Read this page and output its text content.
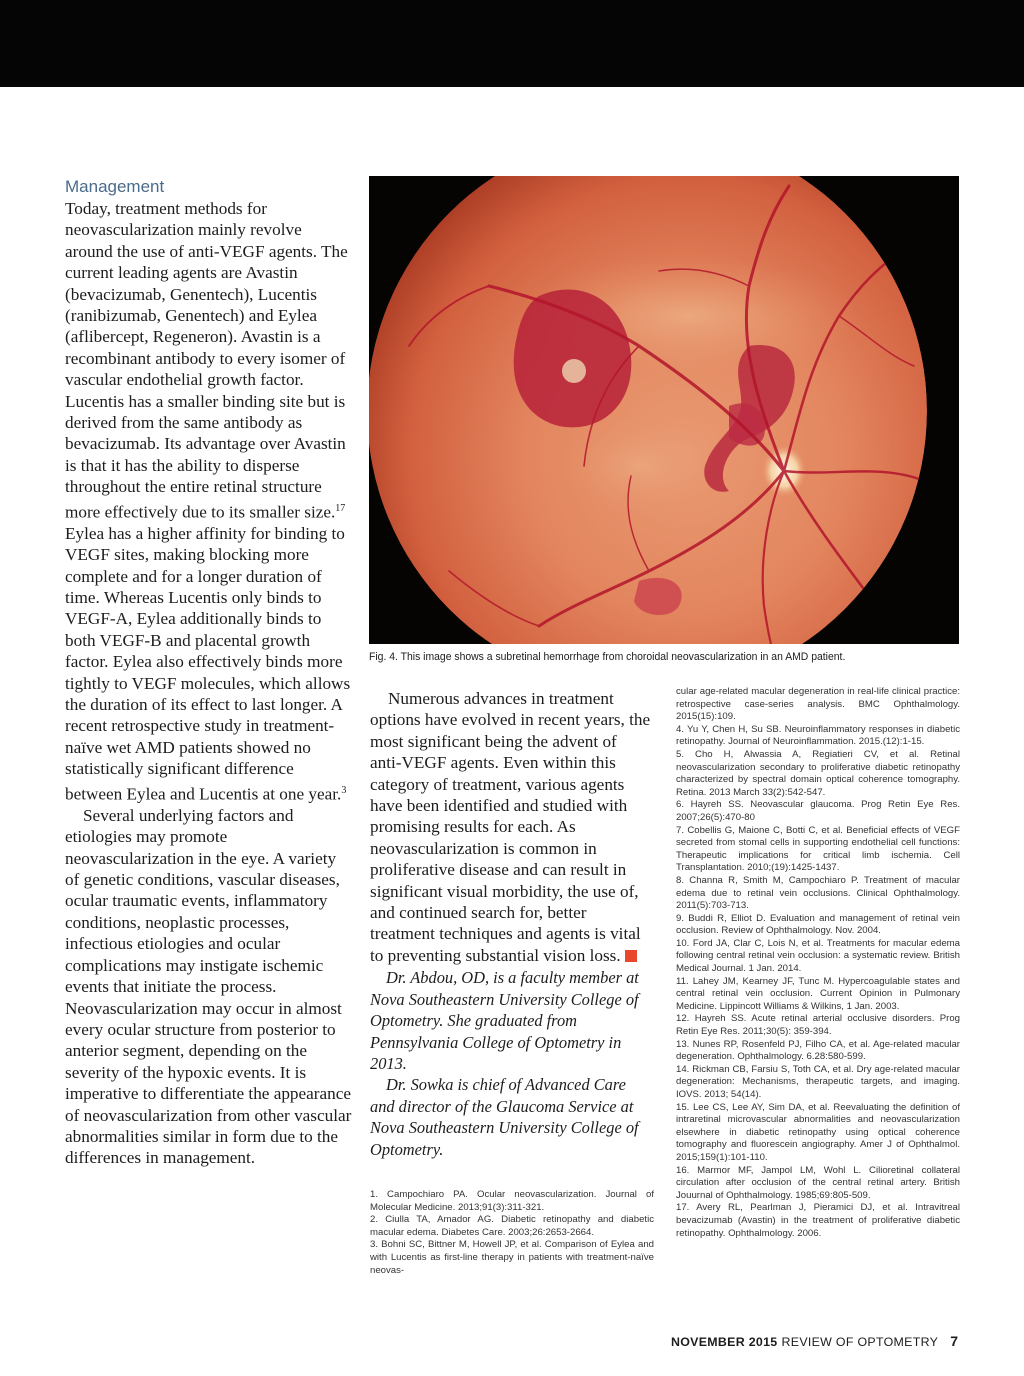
Management

Today, treatment methods for neovascularization mainly revolve around the use of anti-VEGF agents. The current leading agents are Avastin (bevacizumab, Genentech), Lucentis (ranibizumab, Genentech) and Eylea (aflibercept, Regeneron). Avastin is a recombinant antibody to every isomer of vascular endothelial growth factor. Lucentis has a smaller binding site but is derived from the same antibody as bevacizumab. Its advantage over Avastin is that it has the ability to disperse throughout the entire retinal structure more effectively due to its smaller size.$^{17}$ Eylea has a higher affinity for binding to VEGF sites, making blocking more complete and for a longer duration of time. Whereas Lucentis only binds to VEGF-A, Eylea additionally binds to both VEGF-B and placental growth factor. Eylea also effectively binds more tightly to VEGF molecules, which allows the duration of its effect to last longer. A recent retrospective study in treatment-naïve wet AMD patients showed no statistically significant difference between Eylea and Lucentis at one year.$^3$

Several underlying factors and etiologies may promote neovascularization in the eye. A variety of genetic conditions, vascular diseases, ocular traumatic events, inflammatory conditions, neoplastic processes, infectious etiologies and ocular complications may instigate ischemic events that initiate the process. Neovascularization may occur in almost every ocular structure from posterior to anterior segment, depending on the severity of the hypoxic events. It is imperative to differentiate the appearance of neovascularization from other vascular abnormalities similar in form due to the differences in management.

Fig. 4. This image shows a subretinal hemorrhage from choroidal neovascularization in an AMD patient.

Numerous advances in treatment options have evolved in recent years, the most significant being the advent of anti-VEGF agents. Even within this category of treatment, various agents have been identified and studied with promising results for each. As neovascularization is common in proliferative disease and can result in significant visual morbidity, the use of, and continued search for, better treatment techniques and agents is vital to preventing substantial vision loss.

Dr. Abdou, OD, is a faculty member at Nova Southeastern University College of Optometry. She graduated from Pennsylvania College of Optometry in 2013.

Dr. Sowka is chief of Advanced Care and director of the Glaucoma Service at Nova Southeastern University College of Optometry.

1. Campochiaro PA. Ocular neovascularization. Journal of Molecular Medicine. 2013;91(3):311-321.
2. Ciulla TA, Amador AG. Diabetic retinopathy and diabetic macular edema. Diabetes Care. 2003;26:2653-2664.
3. Bohni SC, Bittner M, Howell JP, et al. Comparison of Eylea and with Lucentis as first-line therapy in patients with treatment-naïve neovas-
cular age-related macular degeneration in real-life clinical practice: retrospective case-series analysis. BMC Ophthalmology. 2015(15):109.
4. Yu Y, Chen H, Su SB. Neuroinflammatory responses in diabetic retinopathy. Journal of Neuroinflammation. 2015.(12):1-15.
5. Cho H, Alwassia A, Regiatieri CV, et al. Retinal neovascularization secondary to proliferative diabetic retinopathy characterized by spectral domain optical coherence tomography. Retina. 2013 March 33(2):542-547.
6. Hayreh SS. Neovascular glaucoma. Prog Retin Eye Res. 2007;26(5):470-80
7. Cobellis G, Maione C, Botti C, et al. Beneficial effects of VEGF secreted from stomal cells in supporting endothelial cell functions: Therapeutic implications for critical limb ischemia. Cell Transplantation. 2010;(19):1425-1437.
8. Channa R, Smith M, Campochiaro P. Treatment of macular edema due to retinal vein occlusions. Clinical Ophthalmology. 2011(5):703-713.
9. Buddi R, Elliot D. Evaluation and management of retinal vein occlusion. Review of Ophthalmology. Nov. 2004.
10. Ford JA, Clar C, Lois N, et al. Treatments for macular edema following central retinal vein occlusion: a systematic review. British Medical Journal. 1 Jan. 2014.
11. Lahey JM, Kearney JF, Tunc M. Hypercoagulable states and central retinal vein occlusion. Current Opinion in Pulmonary Medicine. Lippincott Williams & Wilkins, 1 Jan. 2003.
12. Hayreh SS. Acute retinal arterial occlusive disorders. Prog Retin Eye Res. 2011;30(5): 359-394.
13. Nunes RP, Rosenfeld PJ, Filho CA, et al. Age-related macular degeneration. Ophthalmology. 6.28:580-599.
14. Rickman CB, Farsiu S, Toth CA, et al. Dry age-related macular degeneration: Mechanisms, therapeutic targets, and imaging. IOVS. 2013; 54(14).
15. Lee CS, Lee AY, Sim DA, et al. Reevaluating the definition of intraretinal microvascular abnormalities and neovascularization elsewhere in diabetic retinopathy using optical coherence tomography and fluorescein angiography. Amer J of Ophthalmol. 2015;159(1):101-110.
16. Marmor MF, Jampol LM, Wohl L. Cilioretinal collateral circulation after occlusion of the central retinal artery. British Jouurnal of Ophthalmology. 1985;69:805-509.
17. Avery RL, Pearlman J, Pieramici DJ, et al. Intravitreal bevacizumab (Avastin) in the treatment of proliferative diabetic retinopathy. Ophthalmology. 2006.
NOVEMBER 2015 REVIEW OF OPTOMETRY 7
